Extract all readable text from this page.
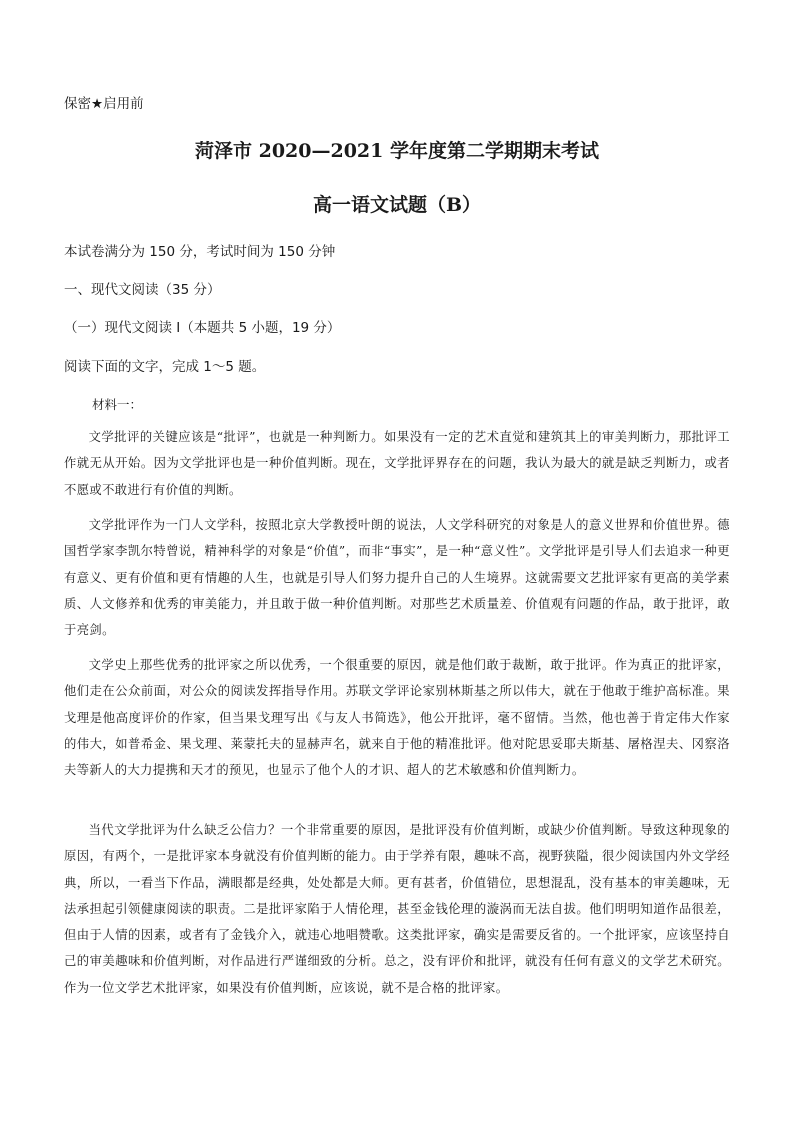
保密★启用前
菏泽市 2020—2021 学年度第二学期期末考试
高一语文试题（B）
本试卷满分为 150 分，考试时间为 150 分钟
一、现代文阅读（35 分）
（一）现代文阅读 I（本题共 5 小题，19 分）
阅读下面的文字，完成 1～5 题。
材料一：

文学批评的关键应该是“批评”，也就是一种判断力。如果没有一定的艺术直觉和建筑其上的审美判断力，那批评工作就无从开始。因为文学批评也是一种价值判断。现在，文学批评界存在的问题，我认为最大的就是缺乏判断力，或者不愿或不敢进行有价值的判断。

文学批评作为一门人文学科，按照北京大学教授叶朗的说法，人文学科研究的对象是人的意义世界和价值世界。德国哲学家李凯尔特曾说，精神科学的对象是“价值”，而非“事实”，是一种“意义性”。文学批评是引导人们去追求一种更有意义、更有价值和更有情趣的人生，也就是引导人们努力提升自己的人生境界。这就需要文艺批评家有更高的美学素质、人文修养和优秀的审美能力，并且敢于做一种价值判断。对那些艺术质量差、价值观有问题的作品，敢于批评，敢于亮剑。

文学史上那些优秀的批评家之所以优秀，一个很重要的原因，就是他们敢于裁断，敢于批评。作为真正的批评家，他们走在公众前面，对公众的阅读发挥指导作用。苏联文学评论家别林斯基之所以伟大，就在于他敢于维护高标准。果戈理是他高度评价的作家，但当果戈理写出《与友人书简选》，他公开批评，毫不留情。当然，他也善于肯定伟大作家的伟大，如普希金、果戈理、莱蒙托夫的显赫声名，就来自于他的精准批评。他对陀思妥耶夫斯基、屠格涅夫、冈察洛夫等新人的大力提携和天才的预见，也显示了他个人的才识、超人的艺术敏感和价值判断力。

当代文学批评为什么缺乏公信力？一个非常重要的原因，是批评没有价值判断，或缺少价值判断。导致这种现象的原因，有两个，一是批评家本身就没有价值判断的能力。由于学养有限，趣味不高，视野狭隘，很少阅读国内外文学经典，所以，一看当下作品，满眼都是经典，处处都是大师。更有甚者，价值错位，思想混乱，没有基本的审美趣味，无法承担起引领健康阅读的职责。二是批评家陷于人情伦理，甚至金钱伦理的漩涡而无法自拔。他们明明知道作品很差，但由于人情的因素，或者有了金钱介入，就违心地唱赞歌。这类批评家，确实是需要反省的。一个批评家，应该坚持自己的审美趣味和价值判断，对作品进行严谨细致的分析。总之，没有评价和批评，就没有任何有意义的文学艺术研究。作为一位文学艺术批评家，如果没有价值判断，应该说，就不是合格的批评家。
